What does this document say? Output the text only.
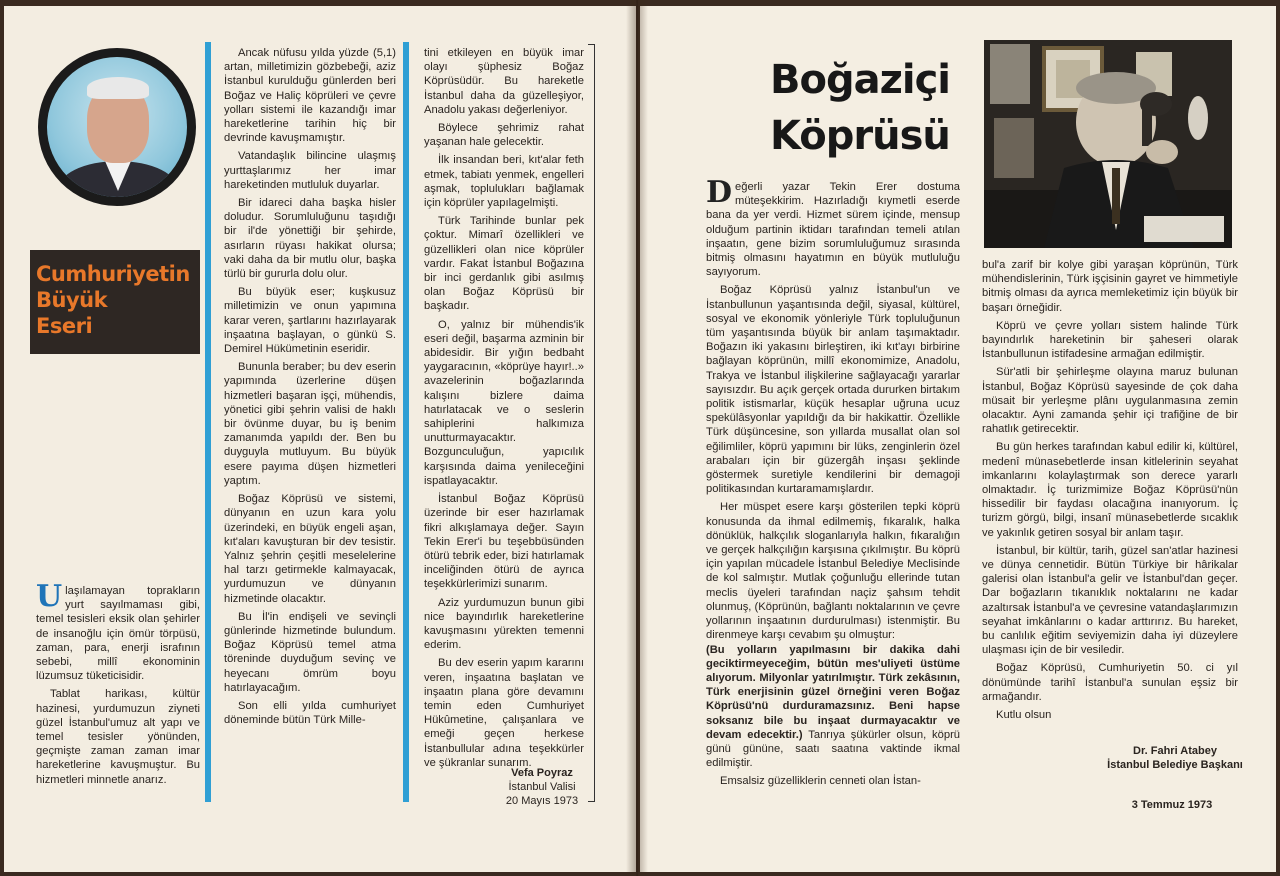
Cumhuriyetin
Büyük
Eseri

Ulaşılamayan toprakların yurt sayılmaması gibi, temel tesisleri eksik olan şehirler de insanoğlu için ömür törpüsü, zaman, para, enerji israfının sebebi, millî ekonominin lüzumsuz tüketicisidir.

Tablat harikası, kültür hazinesi, yurdumuzun ziyneti güzel İstanbul'umuz alt yapı ve temel tesisler yönünden, geçmişte zaman zaman imar hareketlerine kavuşmuştur. Bu hizmetleri minnetle anarız.

Ancak nüfusu yılda yüzde (5,1) artan, milletimizin gözbebeği, aziz İstanbul kurulduğu günlerden beri Boğaz ve Haliç köprüleri ve çevre yolları sistemi ile kazandığı imar hareketlerine tarihin hiç bir devrinde kavuşmamıştır.

Vatandaşlık bilincine ulaşmış yurttaşlarımız her imar hareketinden mutluluk duyarlar.

Bir idareci daha başka hisler doludur. Sorumluluğunu taşıdığı bir il'de yönettiği bir şehirde, asırların rüyası hakikat olursa; vaki daha da bir mutlu olur, başka türlü bir gururla dolu olur.

Bu büyük eser; kuşkusuz milletimizin ve onun yapımına karar veren, şartlarını hazırlayarak inşaatına başlayan, o günkü S. Demirel Hükümetinin eseridir.

Bununla beraber; bu dev eserin yapımında üzerlerine düşen hizmetleri başaran işçi, mühendis, yönetici gibi şehrin valisi de haklı bir övünme duyar, bu iş benim zamanımda yapıldı der. Ben bu duyguyla mutluyum. Bu büyük esere payıma düşen hizmetleri yaptım.

Boğaz Köprüsü ve sistemi, dünyanın en uzun kara yolu üzerindeki, en büyük engeli aşan, kıt'aları kavuşturan bir dev tesistir. Yalnız şehrin çeşitli meselelerine hal tarzı getirmekle kalmayacak, yurdumuzun ve dünyanın hizmetinde olacaktır.

Bu İl'in endişeli ve sevinçli günlerinde hizmetinde bulundum. Boğaz Köprüsü temel atma töreninde duyduğum sevinç ve heyecanı ömrüm boyu hatırlayacağım.

Son elli yılda cumhuriyet döneminde bütün Türk Mille-

tini etkileyen en büyük imar olayı şüphesiz Boğaz Köprüsüdür. Bu hareketle İstanbul daha da güzelleşiyor, Anadolu yakası değerleniyor.

Böylece şehrimiz rahat yaşanan hale gelecektir.

İlk insandan beri, kıt'alar feth etmek, tabiatı yenmek, engelleri aşmak, toplulukları bağlamak için köprüler yapılagelmişti.

Türk Tarihinde bunlar pek çoktur. Mimarî özellikleri ve güzellikleri olan nice köprüler vardır. Fakat İstanbul Boğazına bir inci gerdanlık gibi asılmış olan Boğaz Köprüsü bir başkadır.

O, yalnız bir mühendis'ik eseri değil, başarma azminin bir abidesidir. Bir yığın bedbaht yaygaracının, «köprüye hayır!..» avazelerinin boğazlarında kalışını bizlere daima hatırlatacak ve o seslerin sahiplerini halkımıza unutturmayacaktır. Bozgunculuğun, yapıcılık karşısında daima yenileceğini ispatlayacaktır.

İstanbul Boğaz Köprüsü üzerinde bir eser hazırlamak fikri alkışlamaya değer. Sayın Tekin Erer'i bu teşebbüsünden ötürü tebrik eder, bizi hatırlamak inceliğinden ötürü de ayrıca teşekkürlerimizi sunarım.

Aziz yurdumuzun bunun gibi nice bayındırlık hareketlerine kavuşmasını yürekten temenni ederim.

Bu dev eserin yapım kararını veren, inşaatına başlatan ve inşaatın plana göre devamını temin eden Cumhuriyet Hükûmetine, çalışanlara ve emeği geçen herkese İstanbullular adına teşekkürler ve şükranlar sunarım.

Vefa Poyraz
İstanbul Valisi
20 Mayıs 1973
Boğaziçi
Köprüsü

Değerli yazar Tekin Erer dostuma müteşekkirim. Hazırladığı kıymetli eserde bana da yer verdi. Hizmet sürem içinde, mensup olduğum partinin iktidarı tarafından temeli atılan inşaatın, gene bizim sorumluluğumuz sırasında bitmiş olmasını hayatımın en büyük mutluluğu sayıyorum.

Boğaz Köprüsü yalnız İstanbul'un ve İstanbullunun yaşantısında değil, siyasal, kültürel, sosyal ve ekonomik yönleriyle Türk topluluğunun tüm yaşantısında büyük bir anlam taşımaktadır. Boğazın iki yakasını birleştiren, iki kıt'ayı birbirine bağlayan köprünün, millî ekonomimize, Anadolu, Trakya ve İstanbul ilişkilerine sağlayacağı yararlar sayısızdır. Bu açık gerçek ortada dururken birtakım politik istismarlar, küçük hesaplar uğruna ucuz spekülâsyonlar yapıldığı da bir hakikattir. Özellikle Türk düşüncesine, son yıllarda musallat olan sol eğilimliler, köprü yapımını bir lüks, zenginlerin özel arabaları için bir güzergâh inşası şeklinde göstermek suretiyle kendilerini bir demagoji politikasından kurtaramamışlardır.

Her müspet esere karşı gösterilen tepki köprü konusunda da ihmal edilmemiş, fıkaralık, halka dönüklük, halkçılık sloganlarıyla halkın, fıkaralığın ve gerçek halkçılığın karşısına çıkılmıştır. Bu köprü için yapılan mücadele İstanbul Belediye Meclisinde de kol salmıştır. Mutlak çoğunluğu ellerinde tutan meclis üyeleri tarafından naçiz şahsım tehdit olunmuş, (Köprünün, bağlantı noktalarının ve çevre yollarının inşaatının durdurulması) istenmiştir. Bu direnmeye karşı cevabım şu olmuştur:

(Bu yolların yapılmasını bir dakika dahi geciktirmeyeceğim, bütün mes'uliyeti üstüme alıyorum. Milyonlar yatırılmıştır. Türk zekâsının, Türk enerjisinin güzel örneğini veren Boğaz Köprüsü'nü durduramazsınız. Beni hapse soksanız bile bu inşaat durmayacaktır ve devam edecektir.) Tanrıya şükürler olsun, köprü günü gününe, saatı saatına vaktinde ikmal edilmiştir.

Emsalsiz güzelliklerin cenneti olan İstan-

bul'a zarif bir kolye gibi yaraşan köprünün, Türk mühendislerinin, Türk işçisinin gayret ve himmetiyle bitmiş olması da ayrıca memleketimiz için büyük bir başarı örneğidir.

Köprü ve çevre yolları sistem halinde Türk bayındırlık hareketinin bir şaheseri olarak İstanbullunun istifadesine armağan edilmiştir.

Sür'atli bir şehirleşme olayına maruz bulunan İstanbul, Boğaz Köprüsü sayesinde de çok daha müsait bir yerleşme plânı uygulanmasına zemin olacaktır. Ayni zamanda şehir içi trafiğine de bir rahatlık getirecektir.

Bu gün herkes tarafından kabul edilir ki, kültürel, medenî münasebetlerde insan kitlelerinin seyahat imkanlarını kolaylaştırmak son derece yararlı olmaktadır. İç turizmimize Boğaz Köprüsü'nün hissedilir bir faydası olacağına inanıyorum. İç turizm görgü, bilgi, insanî münasebetlerde sıcaklık ve yakınlık getiren sosyal bir anlam taşır.

İstanbul, bir kültür, tarih, güzel san'atlar hazinesi ve dünya cennetidir. Bütün Türkiye bir hârikalar galerisi olan İstanbul'a gelir ve İstanbul'dan geçer. Dar boğazların tıkanıklık noktalarını ne kadar azaltırsak İstanbul'a ve çevresine vatandaşlarımızın seyahat imkânlarını o kadar arttırırız. Bu hareket, bu canlılık eğitim seviyemizin daha iyi düzeylere ulaşması için de bir vesiledir.

Boğaz Köprüsü, Cumhuriyetin 50. ci yıl dönümünde tarihî İstanbul'a sunulan eşsiz bir armağandır.

Kutlu olsun

Dr. Fahri Atabey
İstanbul Belediye Başkanı
3 Temmuz 1973
